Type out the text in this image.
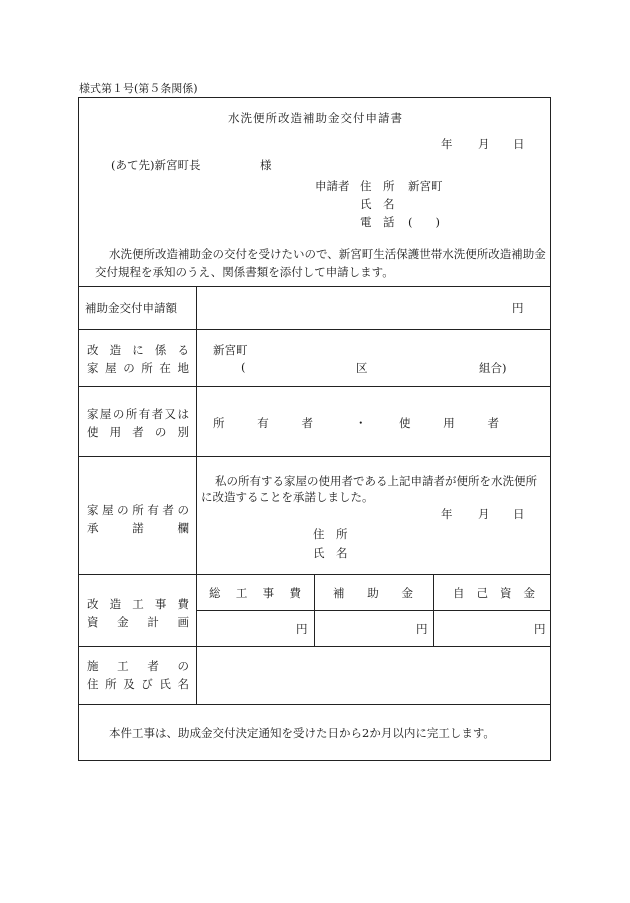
様式第１号(第５条関係)
水洗便所改造補助金交付申請書
年 月 日
(あて先)新宮町長	様
申請者 住　所 新宮町
氏　名
電　話 (　　)
水洗便所改造補助金の交付を受けたいので、新宮町生活保護世帯水洗便所改造補助金
交付規程を承知のうえ、関係書類を添付して申請します。
補助金交付申請額	円
改 造 に 係 る
家 屋 の 所 在 地
新宮町
(	区	組合)
家 屋 の 所 有 者 又 は
使 用 者 の 別
所	有	者	・	使	用	者
家 屋 の 所 有 者 の
承	諾	欄
私の所有する家屋の使用者である上記申請者が便所を水洗便所
に改造することを承諾しました。
年 月 日
住　所
氏　名
改 造 工 事 費
資 金 計 画
総 工 事 費	補 助 金	自 己 資 金
円	円	円
施 工 者 の
住 所 及 び 氏 名
本件工事は、助成金交付決定通知を受けた日から2か月以内に完工します。
